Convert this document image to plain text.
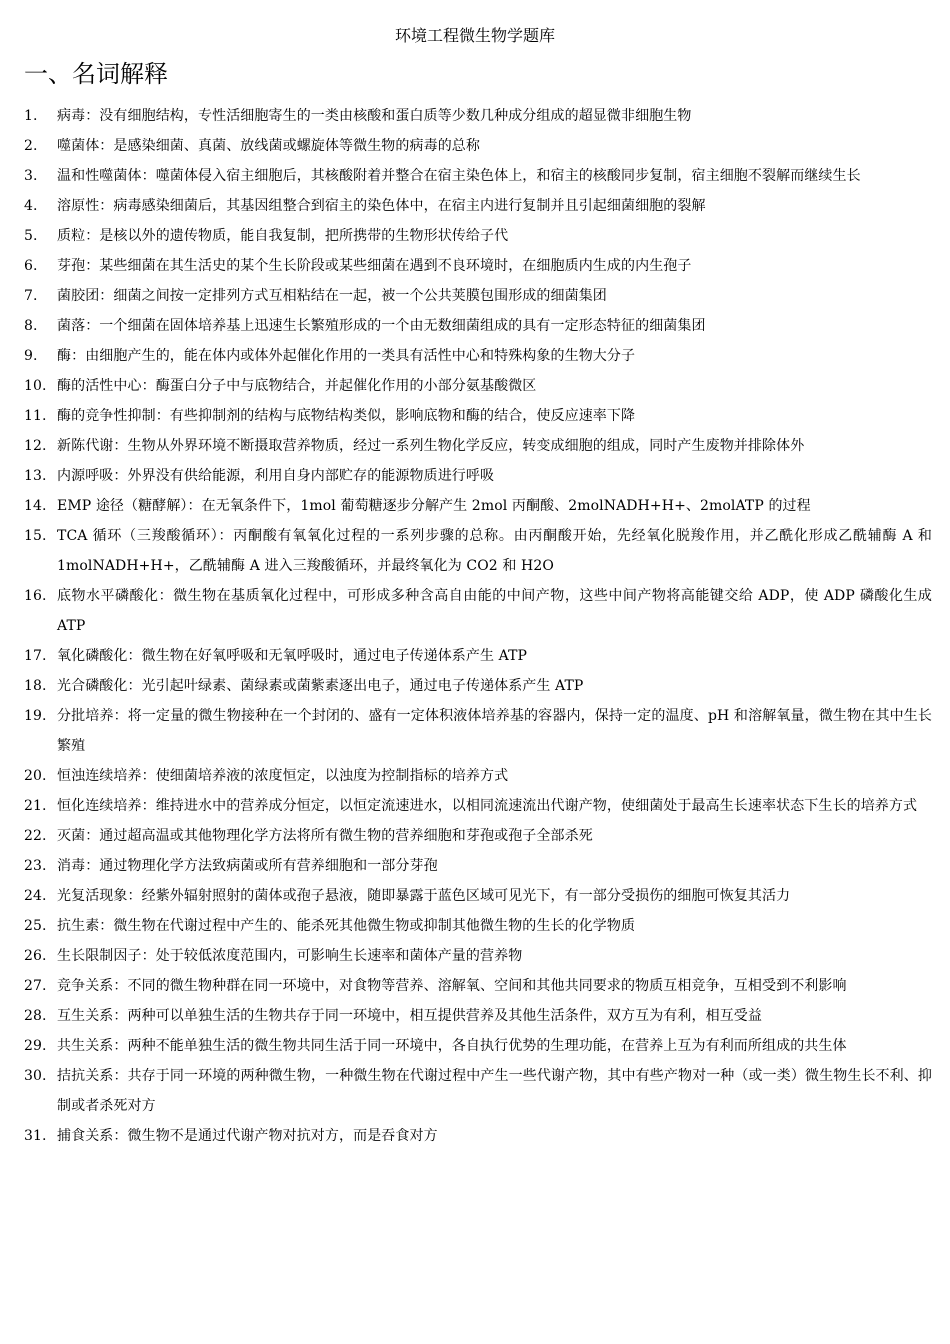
环境工程微生物学题库
一、名词解释
1.	病毒：没有细胞结构，专性活细胞寄生的一类由核酸和蛋白质等少数几种成分组成的超显微非细胞生物
2.	噬菌体：是感染细菌、真菌、放线菌或螺旋体等微生物的病毒的总称
3.	温和性噬菌体：噬菌体侵入宿主细胞后，其核酸附着并整合在宿主染色体上，和宿主的核酸同步复制，宿主细胞不裂解而继续生长
4.	溶原性：病毒感染细菌后，其基因组整合到宿主的染色体中，在宿主内进行复制并且引起细菌细胞的裂解
5.	质粒：是核以外的遗传物质，能自我复制，把所携带的生物形状传给子代
6.	芽孢：某些细菌在其生活史的某个生长阶段或某些细菌在遇到不良环境时，在细胞质内生成的内生孢子
7.	菌胶团：细菌之间按一定排列方式互相粘结在一起，被一个公共荚膜包围形成的细菌集团
8.	菌落：一个细菌在固体培养基上迅速生长繁殖形成的一个由无数细菌组成的具有一定形态特征的细菌集团
9.	酶：由细胞产生的，能在体内或体外起催化作用的一类具有活性中心和特殊构象的生物大分子
10. 酶的活性中心：酶蛋白分子中与底物结合，并起催化作用的小部分氨基酸微区
11. 酶的竞争性抑制：有些抑制剂的结构与底物结构类似，影响底物和酶的结合，使反应速率下降
12. 新陈代谢：生物从外界环境不断摄取营养物质，经过一系列生物化学反应，转变成细胞的组成，同时产生废物并排除体外
13. 内源呼吸：外界没有供给能源，利用自身内部贮存的能源物质进行呼吸
14. EMP 途径（糖酵解）：在无氧条件下，1mol 葡萄糖逐步分解产生 2mol 丙酮酸、2molNADH+H+、2molATP 的过程
15. TCA 循环（三羧酸循环）：丙酮酸有氧氧化过程的一系列步骤的总称。由丙酮酸开始，先经氧化脱羧作用，并乙酰化形成乙酰辅酶 A 和 1molNADH+H+，乙酰辅酶 A 进入三羧酸循环，并最终氧化为 CO2 和 H2O
16. 底物水平磷酸化：微生物在基质氧化过程中，可形成多种含高自由能的中间产物，这些中间产物将高能键交给 ADP，使 ADP 磷酸化生成 ATP
17. 氧化磷酸化：微生物在好氧呼吸和无氧呼吸时，通过电子传递体系产生 ATP
18. 光合磷酸化：光引起叶绿素、菌绿素或菌紫素逐出电子，通过电子传递体系产生 ATP
19. 分批培养：将一定量的微生物接种在一个封闭的、盛有一定体积液体培养基的容器内，保持一定的温度、pH 和溶解氧量，微生物在其中生长繁殖
20. 恒浊连续培养：使细菌培养液的浓度恒定，以浊度为控制指标的培养方式
21. 恒化连续培养：维持进水中的营养成分恒定，以恒定流速进水，以相同流速流出代谢产物，使细菌处于最高生长速率状态下生长的培养方式
22. 灭菌：通过超高温或其他物理化学方法将所有微生物的营养细胞和芽孢或孢子全部杀死
23. 消毒：通过物理化学方法致病菌或所有营养细胞和一部分芽孢
24. 光复活现象：经紫外辐射照射的菌体或孢子悬液，随即暴露于蓝色区域可见光下，有一部分受损伤的细胞可恢复其活力
25. 抗生素：微生物在代谢过程中产生的、能杀死其他微生物或抑制其他微生物的生长的化学物质
26. 生长限制因子：处于较低浓度范围内，可影响生长速率和菌体产量的营养物
27. 竞争关系：不同的微生物种群在同一环境中，对食物等营养、溶解氧、空间和其他共同要求的物质互相竞争，互相受到不利影响
28. 互生关系：两种可以单独生活的生物共存于同一环境中，相互提供营养及其他生活条件，双方互为有利，相互受益
29. 共生关系：两种不能单独生活的微生物共同生活于同一环境中，各自执行优势的生理功能，在营养上互为有利而所组成的共生体
30. 拮抗关系：共存于同一环境的两种微生物，一种微生物在代谢过程中产生一些代谢产物，其中有些产物对一种（或一类）微生物生长不利、抑制或者杀死对方
31. 捕食关系：微生物不是通过代谢产物对抗对方，而是吞食对方
